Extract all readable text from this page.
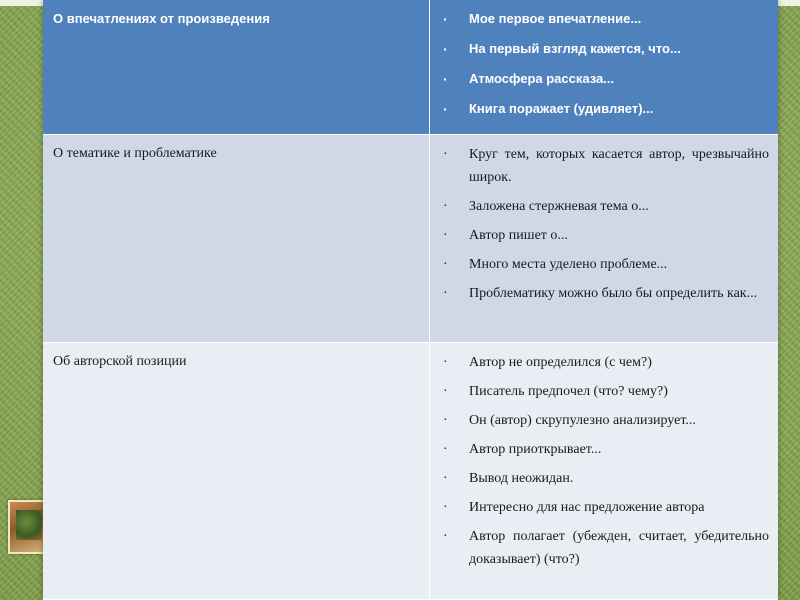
О впечатлениях от произведения	· Мое первое впечатление...
· На первый взгляд кажется, что...
· Атмосфера рассказа...
· Книга поражает (удивляет)...
О тематике и проблематике	· Круг тем, которых касается автор, чрезвычайно широк.
· Заложена стержневая тема о...
· Автор пишет о...
· Много места уделено проблеме...
· Проблематику можно было бы определить как...
Об авторской позиции	· Автор не определился (с чем?)
· Писатель предпочел (что? чему?)
· Он (автор) скрупулезно анализирует...
· Автор приоткрывает...
· Вывод неожидан.
· Интересно для нас предложение автора
· Автор полагает (убежден, считает, убедительно доказывает) (что?)
